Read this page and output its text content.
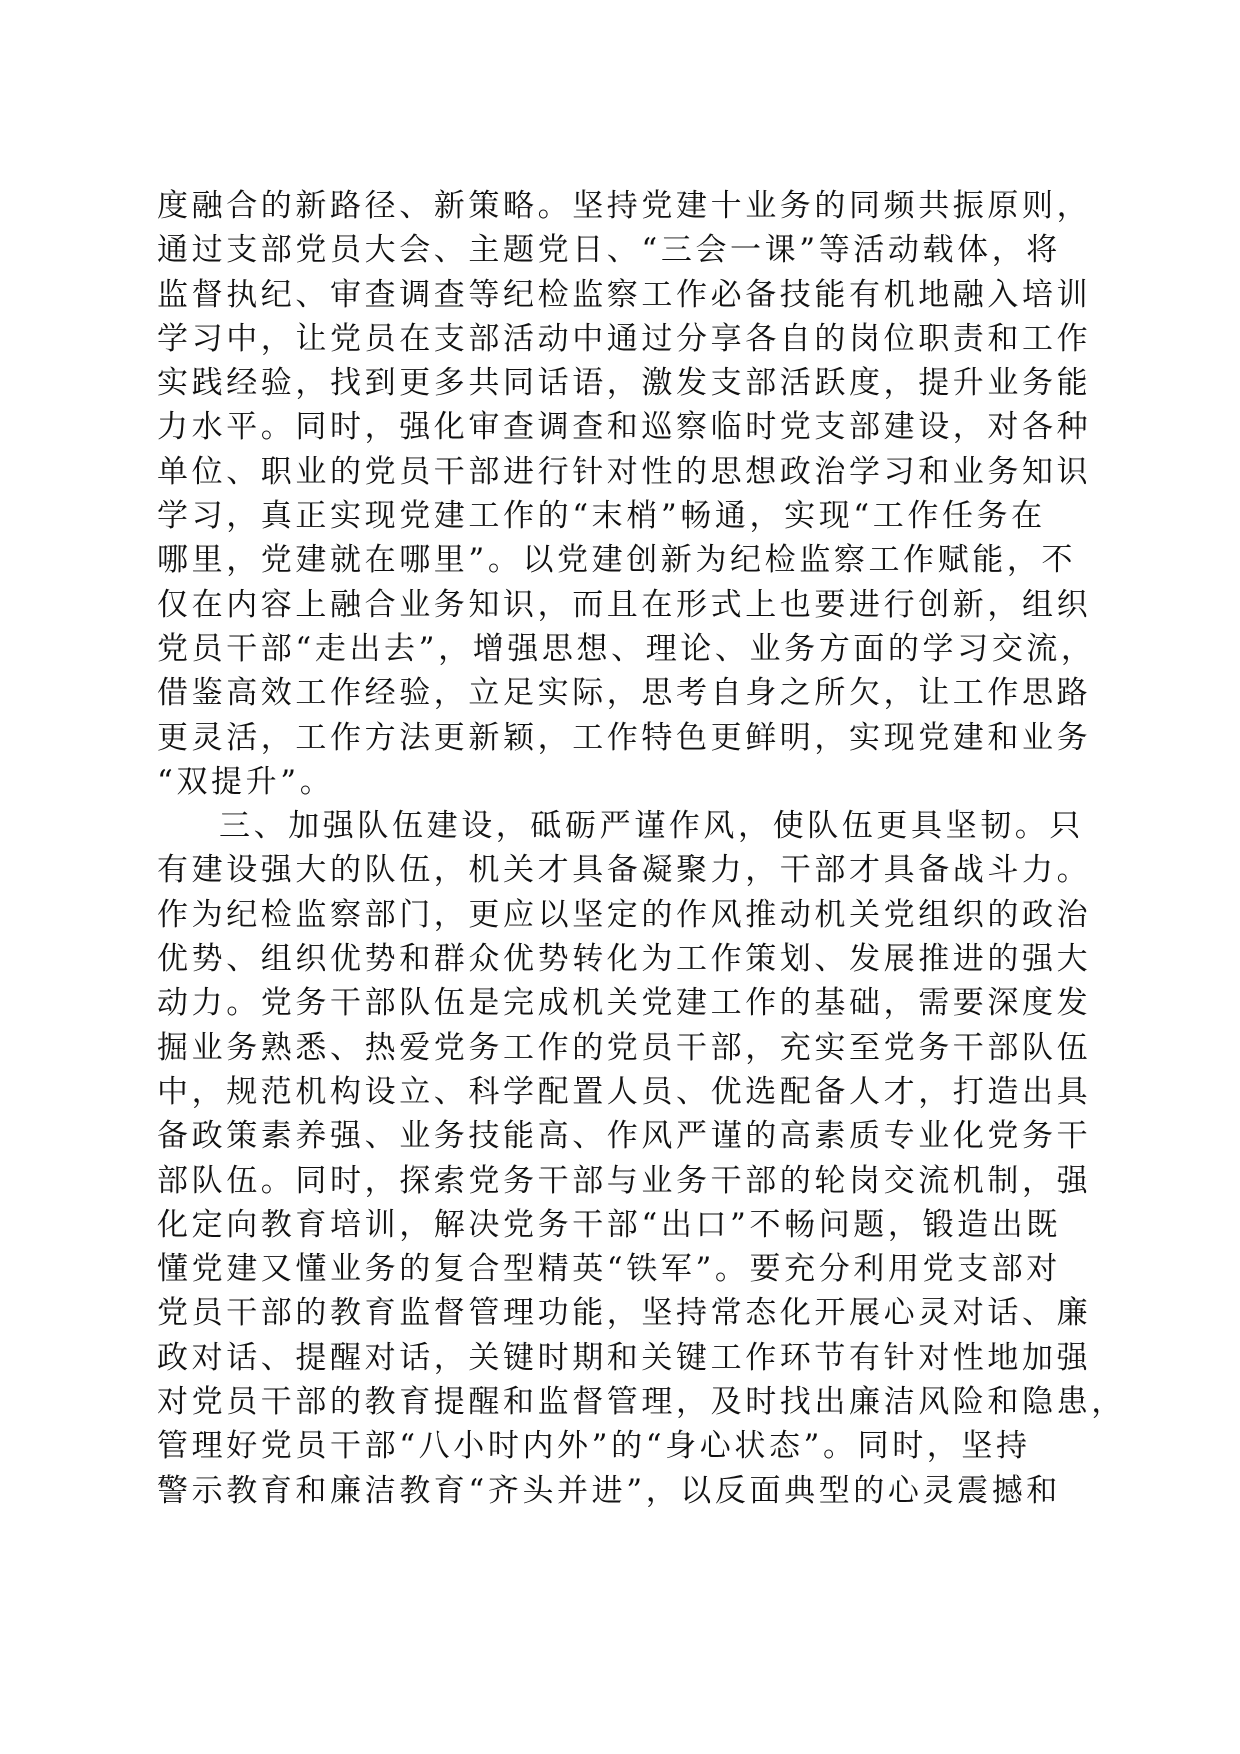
度融合的新路径、新策略。坚持党建十业务的同频共振原则，
通过支部党员大会、主题党日、“三会一课”等活动载体，将
监督执纪、审查调查等纪检监察工作必备技能有机地融入培训
学习中，让党员在支部活动中通过分享各自的岗位职责和工作
实践经验，找到更多共同话语，激发支部活跃度，提升业务能
力水平。同时，强化审查调查和巡察临时党支部建设，对各种
单位、职业的党员干部进行针对性的思想政治学习和业务知识
学习，真正实现党建工作的“末梢”畅通，实现“工作任务在
哪里，党建就在哪里”。以党建创新为纪检监察工作赋能，不
仅在内容上融合业务知识，而且在形式上也要进行创新，组织
党员干部“走出去”，增强思想、理论、业务方面的学习交流，
借鉴高效工作经验，立足实际，思考自身之所欠，让工作思路
更灵活，工作方法更新颖，工作特色更鲜明，实现党建和业务
“双提升”。
三、加强队伍建设，砥砺严谨作风，使队伍更具坚韧。只
有建设强大的队伍，机关才具备凝聚力，干部才具备战斗力。
作为纪检监察部门，更应以坚定的作风推动机关党组织的政治
优势、组织优势和群众优势转化为工作策划、发展推进的强大
动力。党务干部队伍是完成机关党建工作的基础，需要深度发
掘业务熟悉、热爱党务工作的党员干部，充实至党务干部队伍
中，规范机构设立、科学配置人员、优选配备人才，打造出具
备政策素养强、业务技能高、作风严谨的高素质专业化党务干
部队伍。同时，探索党务干部与业务干部的轮岗交流机制，强
化定向教育培训，解决党务干部“出口”不畅问题，锻造出既
懂党建又懂业务的复合型精英“铁军”。要充分利用党支部对
党员干部的教育监督管理功能，坚持常态化开展心灵对话、廉
政对话、提醒对话，关键时期和关键工作环节有针对性地加强
对党员干部的教育提醒和监督管理，及时找出廉洁风险和隐患，
管理好党员干部“八小时内外”的“身心状态”。同时，坚持
警示教育和廉洁教育“齐头并进”，以反面典型的心灵震撼和
